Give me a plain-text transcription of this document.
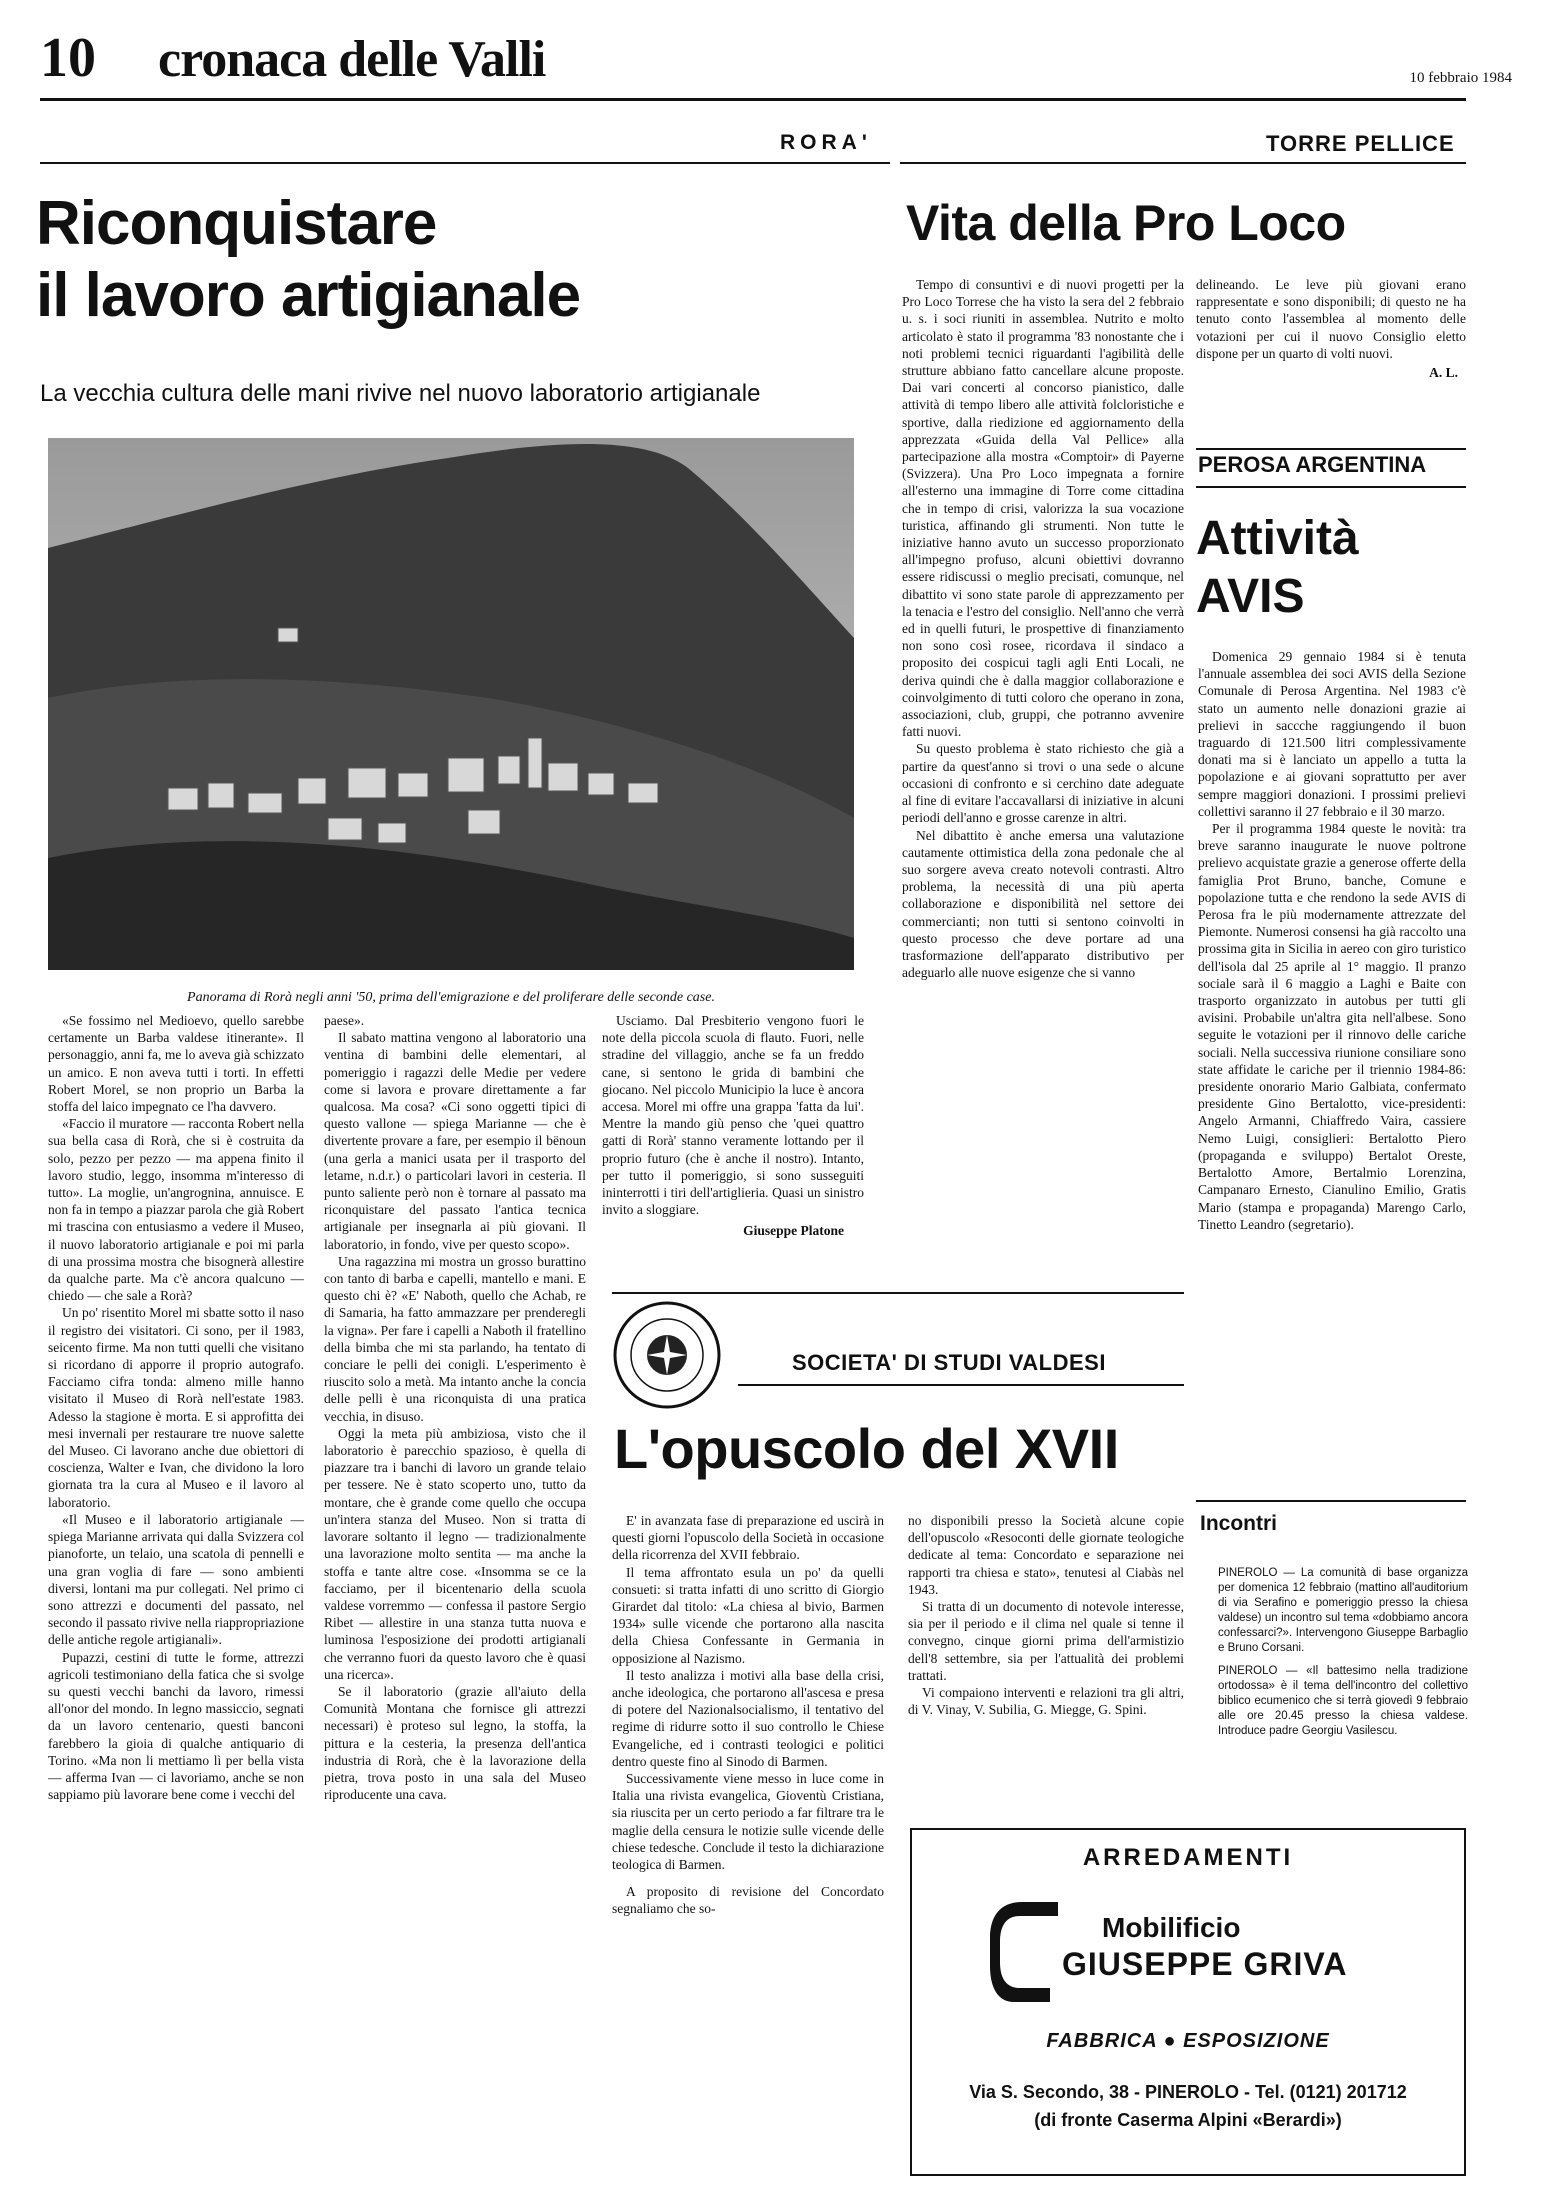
10 cronaca delle Valli	10 febbraio 1984
RORA'	TORRE PELLICE
Riconquistare
il lavoro artigianale
La vecchia cultura delle mani rivive nel nuovo laboratorio artigianale
Panorama di Rorà negli anni '50, prima dell'emigrazione e del proliferare delle seconde case.

«Se fossimo nel Medioevo, quello sarebbe certamente un Barba valdese itinerante». Il personaggio, anni fa, me lo aveva già schizzato un amico. E non aveva tutti i torti. In effetti Robert Morel, se non proprio un Barba la stoffa del laico impegnato ce l'ha davvero.

«Faccio il muratore — racconta Robert nella sua bella casa di Rorà, che si è costruita da solo, pezzo per pezzo — ma appena finito il lavoro studio, leggo, insomma m'interesso di tutto». La moglie, un'angrognina, annuisce. E non fa in tempo a piazzar parola che già Robert mi trascina con entusiasmo a vedere il Museo, il nuovo laboratorio artigianale e poi mi parla di una prossima mostra che bisognerà allestire da qualche parte. Ma c'è ancora qualcuno — chiedo — che sale a Rorà?

Un po' risentito Morel mi sbatte sotto il naso il registro dei visitatori. Ci sono, per il 1983, seicento firme. Ma non tutti quelli che visitano si ricordano di apporre il proprio autografo. Facciamo cifra tonda: almeno mille hanno visitato il Museo di Rorà nell'estate 1983. Adesso la stagione è morta. E si approfitta dei mesi invernali per restaurare tre nuove salette del Museo. Ci lavorano anche due obiettori di coscienza, Walter e Ivan, che dividono la loro giornata tra la cura al Museo e il lavoro al laboratorio.

«Il Museo e il laboratorio artigianale — spiega Marianne arrivata qui dalla Svizzera col pianoforte, un telaio, una scatola di pennelli e una gran voglia di fare — sono ambienti diversi, lontani ma pur collegati. Nel primo ci sono attrezzi e documenti del passato, nel secondo il passato rivive nella riappropriazione delle antiche regole artigianali».

Pupazzi, cestini di tutte le forme, attrezzi agricoli testimoniano della fatica che si svolge su questi vecchi banchi da lavoro, rimessi all'onor del mondo. In legno massiccio, segnati da un lavoro centenario, questi banconi farebbero la gioia di qualche antiquario di Torino. «Ma non li mettiamo lì per bella vista — afferma Ivan — ci lavoriamo, anche se non sappiamo più lavorare bene come i vecchi del

paese».

Il sabato mattina vengono al laboratorio una ventina di bambini delle elementari, al pomeriggio i ragazzi delle Medie per vedere come si lavora e provare direttamente a far qualcosa. Ma cosa? «Ci sono oggetti tipici di questo vallone — spiega Marianne — che è divertente provare a fare, per esempio il bënoun (una gerla a manici usata per il trasporto del letame, n.d.r.) o particolari lavori in cesteria. Il punto saliente però non è tornare al passato ma riconquistare del passato l'antica tecnica artigianale per insegnarla ai più giovani. Il laboratorio, in fondo, vive per questo scopo».

Una ragazzina mi mostra un grosso burattino con tanto di barba e capelli, mantello e mani. E questo chi è? «E' Naboth, quello che Achab, re di Samaria, ha fatto ammazzare per prenderegli la vigna». Per fare i capelli a Naboth il fratellino della bimba che mi sta parlando, ha tentato di conciare le pelli dei conigli. L'esperimento è riuscito solo a metà. Ma intanto anche la concia delle pelli è una riconquista di una pratica vecchia, in disuso.

Oggi la meta più ambiziosa, visto che il laboratorio è parecchio spazioso, è quella di piazzare tra i banchi di lavoro un grande telaio per tessere. Ne è stato scoperto uno, tutto da montare, che è grande come quello che occupa un'intera stanza del Museo. Non si tratta di lavorare soltanto il legno — tradizionalmente una lavorazione molto sentita — ma anche la stoffa e tante altre cose. «Insomma se ce la facciamo, per il bicentenario della scuola valdese vorremmo — confessa il pastore Sergio Ribet — allestire in una stanza tutta nuova e luminosa l'esposizione dei prodotti artigianali che verranno fuori da questo lavoro che è quasi una ricerca».

Se il laboratorio (grazie all'aiuto della Comunità Montana che fornisce gli attrezzi necessari) è proteso sul legno, la stoffa, la pittura e la cesteria, la presenza dell'antica industria di Rorà, che è la lavorazione della pietra, trova posto in una sala del Museo riproducente una cava.

Usciamo. Dal Presbiterio vengono fuori le note della piccola scuola di flauto. Fuori, nelle stradine del villaggio, anche se fa un freddo cane, si sentono le grida di bambini che giocano. Nel piccolo Municipio la luce è ancora accesa. Morel mi offre una grappa 'fatta da lui'. Mentre la mando giù penso che 'quei quattro gatti di Rorà' stanno veramente lottando per il proprio futuro (che è anche il nostro). Intanto, per tutto il pomeriggio, si sono susseguiti ininterrotti i tiri dell'artiglieria. Quasi un sinistro invito a sloggiare.

Giuseppe Platone
Vita della Pro Loco

Tempo di consuntivi e di nuovi progetti per la Pro Loco Torrese che ha visto la sera del 2 febbraio u. s. i soci riuniti in assemblea. Nutrito e molto articolato è stato il programma '83 nonostante che i noti problemi tecnici riguardanti l'agibilità delle strutture abbiano fatto cancellare alcune proposte. Dai vari concerti al concorso pianistico, dalle attività di tempo libero alle attività folcloristiche e sportive, dalla riedizione ed aggiornamento della apprezzata «Guida della Val Pellice» alla partecipazione alla mostra «Comptoir» di Payerne (Svizzera). Una Pro Loco impegnata a fornire all'esterno una immagine di Torre come cittadina che in tempo di crisi, valorizza la sua vocazione turistica, affinando gli strumenti. Non tutte le iniziative hanno avuto un successo proporzionato all'impegno profuso, alcuni obiettivi dovranno essere ridiscussi o meglio precisati, comunque, nel dibattito vi sono state parole di apprezzamento per la tenacia e l'estro del consiglio. Nell'anno che verrà ed in quelli futuri, le prospettive di finanziamento non sono così rosee, ricordava il sindaco a proposito dei cospicui tagli agli Enti Locali, ne deriva quindi che è dalla maggior collaborazione e coinvolgimento di tutti coloro che operano in zona, associazioni, club, gruppi, che potranno avvenire fatti nuovi.

Su questo problema è stato richiesto che già a partire da quest'anno si trovi o una sede o alcune occasioni di confronto e si cerchino date adeguate al fine di evitare l'accavallarsi di iniziative in alcuni periodi dell'anno e grosse carenze in altri.

Nel dibattito è anche emersa una valutazione cautamente ottimistica della zona pedonale che al suo sorgere aveva creato notevoli contrasti. Altro problema, la necessità di una più aperta collaborazione e disponibilità nel settore dei commercianti; non tutti si sentono coinvolti in questo processo che deve portare ad una trasformazione dell'apparato distributivo per adeguarlo alle nuove esigenze che si vanno

delineando. Le leve più giovani erano rappresentate e sono disponibili; di questo ne ha tenuto conto l'assemblea al momento delle votazioni per cui il nuovo Consiglio eletto dispone per un quarto di volti nuovi.

A. L.
PEROSA ARGENTINA
Attività
AVIS

Domenica 29 gennaio 1984 si è tenuta l'annuale assemblea dei soci AVIS della Sezione Comunale di Perosa Argentina. Nel 1983 c'è stato un aumento nelle donazioni grazie ai prelievi in saccche raggiungendo il buon traguardo di 121.500 litri complessivamente donati ma si è lanciato un appello a tutta la popolazione e ai giovani soprattutto per aver sempre maggiori donazioni. I prossimi prelievi collettivi saranno il 27 febbraio e il 30 marzo.

Per il programma 1984 queste le novità: tra breve saranno inaugurate le nuove poltrone prelievo acquistate grazie a generose offerte della famiglia Prot Bruno, banche, Comune e popolazione tutta e che rendono la sede AVIS di Perosa fra le più modernamente attrezzate del Piemonte. Numerosi consensi ha già raccolto una prossima gita in Sicilia in aereo con giro turistico dell'isola dal 25 aprile al 1° maggio. Il pranzo sociale sarà il 6 maggio a Laghi e Baite con trasporto organizzato in autobus per tutti gli avisini. Probabile un'altra gita nell'albese. Sono seguite le votazioni per il rinnovo delle cariche sociali. Nella successiva riunione consiliare sono state affidate le cariche per il triennio 1984-86: presidente onorario Mario Galbiata, confermato presidente Gino Bertalotto, vice-presidenti: Angelo Armanni, Chiaffredo Vaira, cassiere Nemo Luigi, consiglieri: Bertalotto Piero (propaganda e sviluppo) Bertalot Oreste, Bertalotto Amore, Bertalmio Lorenzina, Campanaro Ernesto, Cianulino Emilio, Gratis Mario (stampa e propaganda) Marengo Carlo, Tinetto Leandro (segretario).

Incontri

PINEROLO — La comunità di base organizza per domenica 12 febbraio (mattino all'auditorium di via Serafino e pomeriggio presso la chiesa valdese) un incontro sul tema «dobbiamo ancora confessarci?». Intervengono Giuseppe Barbaglio e Bruno Corsani.

PINEROLO — «Il battesimo nella tradizione ortodossa» è il tema dell'incontro del collettivo biblico ecumenico che si terrà giovedì 9 febbraio alle ore 20.45 presso la chiesa valdese. Introduce padre Georgiu Vasilescu.

SOCIETA' DI STUDI VALDESI
L'opuscolo del XVII

E' in avanzata fase di preparazione ed uscirà in questi giorni l'opuscolo della Società in occasione della ricorrenza del XVII febbraio.

Il tema affrontato esula un po' da quelli consueti: si tratta infatti di uno scritto di Giorgio Girardet dal titolo: «La chiesa al bivio, Barmen 1934» sulle vicende che portarono alla nascita della Chiesa Confessante in Germania in opposizione al Nazismo.

Il testo analizza i motivi alla base della crisi, anche ideologica, che portarono all'ascesa e presa di potere del Nazionalsocialismo, il tentativo del regime di ridurre sotto il suo controllo le Chiese Evangeliche, ed i contrasti teologici e politici dentro queste fino al Sinodo di Barmen.

Successivamente viene messo in luce come in Italia una rivista evangelica, Gioventù Cristiana, sia riuscita per un certo periodo a far filtrare tra le maglie della censura le notizie sulle vicende delle chiese tedesche. Conclude il testo la dichiarazione teologica di Barmen.

A proposito di revisione del Concordato segnaliamo che so-

no disponibili presso la Società alcune copie dell'opuscolo «Resoconti delle giornate teologiche dedicate al tema: Concordato e separazione nei rapporti tra chiesa e stato», tenutesi al Ciabàs nel 1943.

Si tratta di un documento di notevole interesse, sia per il periodo e il clima nel quale si tenne il convegno, cinque giorni prima dell'armistizio dell'8 settembre, sia per l'attualità dei problemi trattati.

Vi compaiono interventi e relazioni tra gli altri, di V. Vinay, V. Subilia, G. Miegge, G. Spini.

ARREDAMENTI
Mobilificio
GIUSEPPE GRIVA
FABBRICA ● ESPOSIZIONE
Via S. Secondo, 38 - PINEROLO - Tel. (0121) 201712
(di fronte Caserma Alpini «Berardi»)
